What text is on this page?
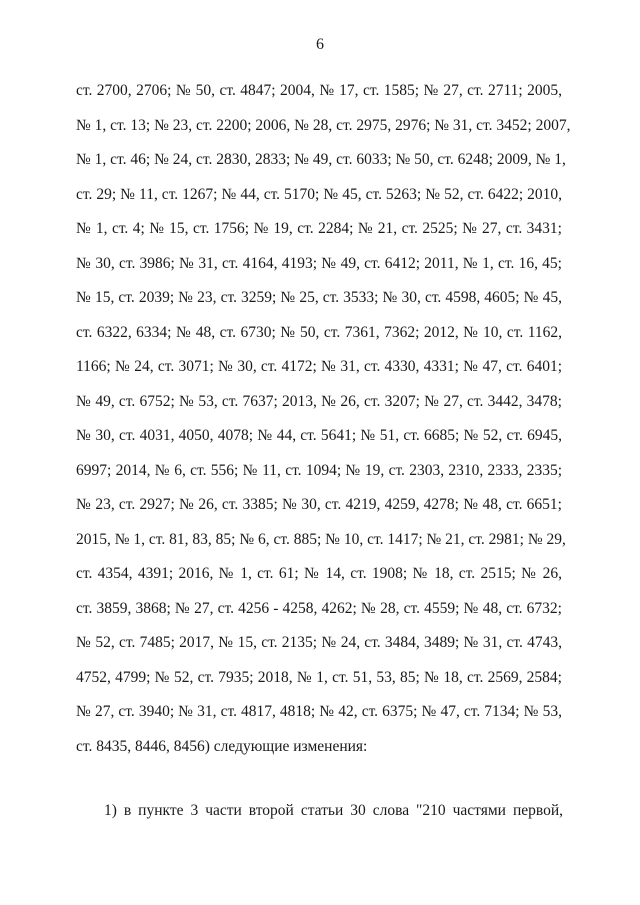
6
ст. 2700, 2706; № 50, ст. 4847; 2004, № 17, ст. 1585; № 27, ст. 2711; 2005,
№ 1, ст. 13; № 23, ст. 2200; 2006, № 28, ст. 2975, 2976; № 31, ст. 3452; 2007,
№ 1, ст. 46; № 24, ст. 2830, 2833; № 49, ст. 6033; № 50, ст. 6248; 2009, № 1,
ст. 29; № 11, ст. 1267; № 44, ст. 5170; № 45, ст. 5263; № 52, ст. 6422; 2010,
№ 1, ст. 4; № 15, ст. 1756; № 19, ст. 2284; № 21, ст. 2525; № 27, ст. 3431;
№ 30, ст. 3986; № 31, ст. 4164, 4193; № 49, ст. 6412; 2011, № 1, ст. 16, 45;
№ 15, ст. 2039; № 23, ст. 3259; № 25, ст. 3533; № 30, ст. 4598, 4605; № 45,
ст. 6322, 6334; № 48, ст. 6730; № 50, ст. 7361, 7362; 2012, № 10, ст. 1162,
1166; № 24, ст. 3071; № 30, ст. 4172; № 31, ст. 4330, 4331; № 47, ст. 6401;
№ 49, ст. 6752; № 53, ст. 7637; 2013, № 26, ст. 3207; № 27, ст. 3442, 3478;
№ 30, ст. 4031, 4050, 4078; № 44, ст. 5641; № 51, ст. 6685; № 52, ст. 6945,
6997; 2014, № 6, ст. 556; № 11, ст. 1094; № 19, ст. 2303, 2310, 2333, 2335;
№ 23, ст. 2927; № 26, ст. 3385; № 30, ст. 4219, 4259, 4278; № 48, ст. 6651;
2015, № 1, ст. 81, 83, 85; № 6, ст. 885; № 10, ст. 1417; № 21, ст. 2981; № 29,
ст. 4354, 4391; 2016, № 1, ст. 61; № 14, ст. 1908; № 18, ст. 2515; № 26,
ст. 3859, 3868; № 27, ст. 4256 - 4258, 4262; № 28, ст. 4559; № 48, ст. 6732;
№ 52, ст. 7485; 2017, № 15, ст. 2135; № 24, ст. 3484, 3489; № 31, ст. 4743,
4752, 4799; № 52, ст. 7935; 2018, № 1, ст. 51, 53, 85; № 18, ст. 2569, 2584;
№ 27, ст. 3940; № 31, ст. 4817, 4818; № 42, ст. 6375; № 47, ст. 7134; № 53,
ст. 8435, 8446, 8456) следующие изменения:
1) в пункте 3 части второй статьи 30 слова "210 частями первой,
